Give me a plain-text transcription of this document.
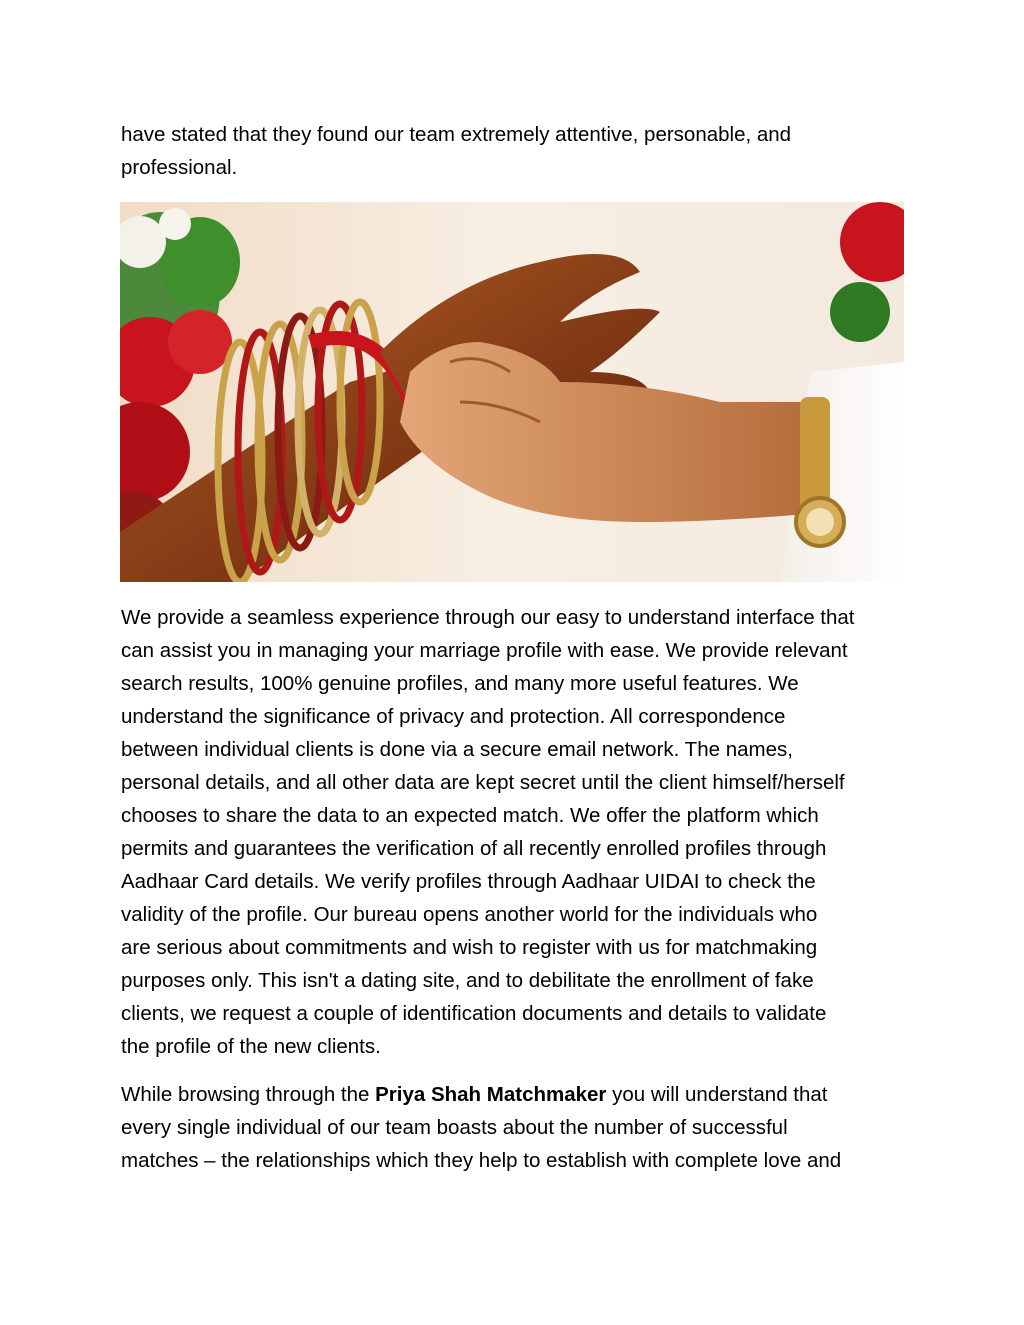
have stated that they found our team extremely attentive, personable, and
professional.

We provide a seamless experience through our easy to understand interface that
can assist you in managing your marriage profile with ease. We provide relevant
search results, 100% genuine profiles, and many more useful features. We
understand the significance of privacy and protection. All correspondence
between individual clients is done via a secure email network. The names,
personal details, and all other data are kept secret until the client himself/herself
chooses to share the data to an expected match. We offer the platform which
permits and guarantees the verification of all recently enrolled profiles through
Aadhaar Card details. We verify profiles through Aadhaar UIDAI to check the
validity of the profile. Our bureau opens another world for the individuals who
are serious about commitments and wish to register with us for matchmaking
purposes only. This isn't a dating site, and to debilitate the enrollment of fake
clients, we request a couple of identification documents and details to validate
the profile of the new clients.

While browsing through the Priya Shah Matchmaker you will understand that
every single individual of our team boasts about the number of successful
matches – the relationships which they help to establish with complete love and
